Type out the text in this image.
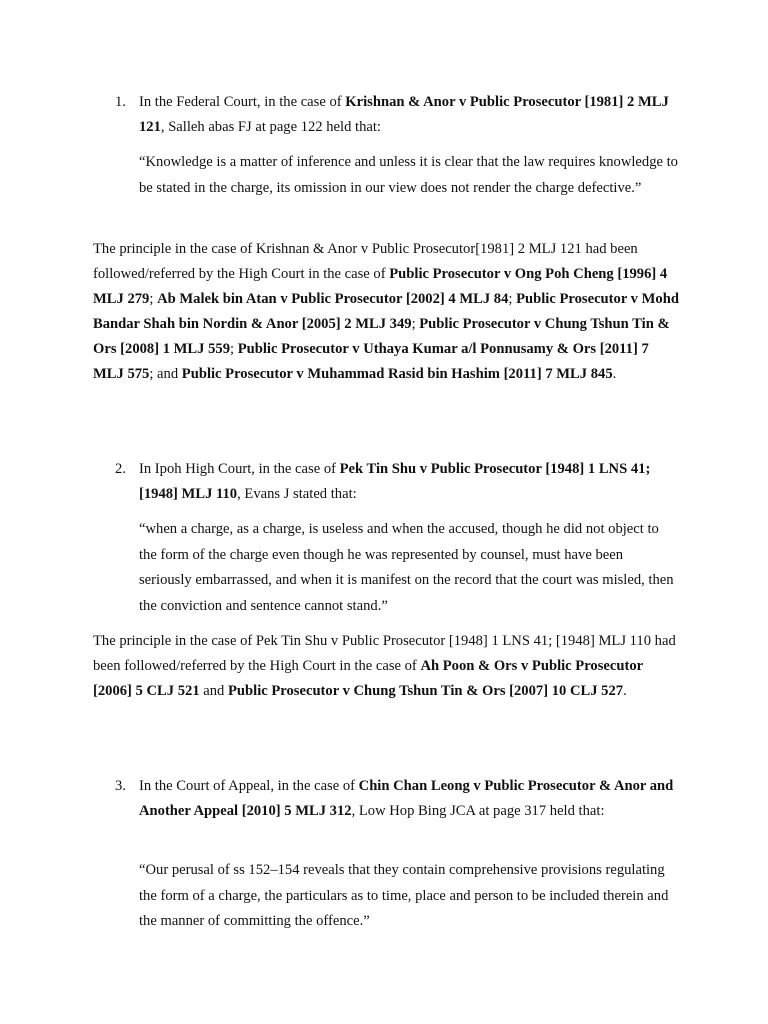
1. In the Federal Court, in the case of Krishnan & Anor v Public Prosecutor [1981] 2 MLJ 121, Salleh abas FJ at page 122 held that:
“Knowledge is a matter of inference and unless it is clear that the law requires knowledge to be stated in the charge, its omission in our view does not render the charge defective.”
The principle in the case of Krishnan & Anor v Public Prosecutor[1981] 2 MLJ 121 had been followed/referred by the High Court in the case of Public Prosecutor v Ong Poh Cheng [1996] 4 MLJ 279; Ab Malek bin Atan v Public Prosecutor [2002] 4 MLJ 84; Public Prosecutor v Mohd Bandar Shah bin Nordin & Anor [2005] 2 MLJ 349; Public Prosecutor v Chung Tshun Tin & Ors [2008] 1 MLJ 559; Public Prosecutor v Uthaya Kumar a/l Ponnusamy & Ors [2011] 7 MLJ 575; and Public Prosecutor v Muhammad Rasid bin Hashim [2011] 7 MLJ 845.
2. In Ipoh High Court, in the case of Pek Tin Shu v Public Prosecutor [1948] 1 LNS 41; [1948] MLJ 110, Evans J stated that:
“when a charge, as a charge, is useless and when the accused, though he did not object to the form of the charge even though he was represented by counsel, must have been seriously embarrassed, and when it is manifest on the record that the court was misled, then the conviction and sentence cannot stand.”
The principle in the case of Pek Tin Shu v Public Prosecutor [1948] 1 LNS 41; [1948] MLJ 110 had been followed/referred by the High Court in the case of Ah Poon & Ors v Public Prosecutor [2006] 5 CLJ 521 and Public Prosecutor v Chung Tshun Tin & Ors [2007] 10 CLJ 527.
3. In the Court of Appeal, in the case of Chin Chan Leong v Public Prosecutor & Anor and Another Appeal [2010] 5 MLJ 312, Low Hop Bing JCA at page 317 held that:
“Our perusal of ss 152–154 reveals that they contain comprehensive provisions regulating the form of a charge, the particulars as to time, place and person to be included therein and the manner of committing the offence.”
